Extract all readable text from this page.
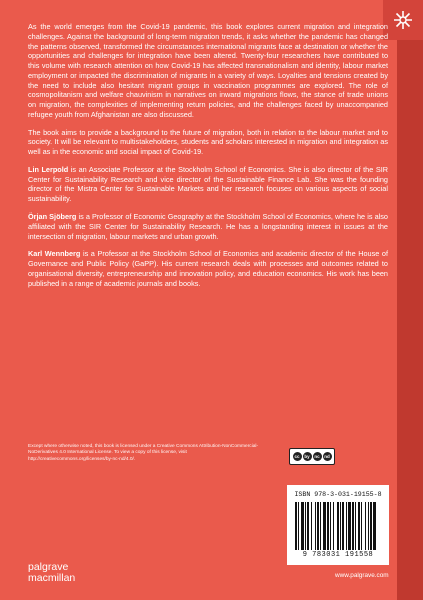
As the world emerges from the Covid-19 pandemic, this book explores current migration and integration challenges. Against the background of long-term migration trends, it asks whether the pandemic has changed the patterns observed, transformed the circumstances international migrants face at destination or whether the opportunities and challenges for integration have been altered. Twenty-four researchers have contributed to this volume with research attention on how Covid-19 has affected transnationalism and identity, labour market employment or impacted the discrimination of migrants in a variety of ways. Loyalties and tensions created by the need to include also hesitant migrant groups in vaccination programmes are explored. The role of cosmopolitanism and welfare chauvinism in narratives on inward migrations flows, the stance of trade unions on migration, the complexities of implementing return policies, and the challenges faced by unaccompanied refugee youth from Afghanistan are also discussed.

The book aims to provide a background to the future of migration, both in relation to the labour market and to society. It will be relevant to multistakeholders, students and scholars interested in migration and integration as well as in the economic and social impact of Covid-19.

Lin Lerpold is an Associate Professor at the Stockholm School of Economics. She is also director of the SIR Center for Sustainability Research and vice director of the Sustainable Finance Lab. She was the founding director of the Mistra Center for Sustainable Markets and her research focuses on various aspects of social sustainability.

Örjan Sjöberg is a Professor of Economic Geography at the Stockholm School of Economics, where he is also affiliated with the SIR Center for Sustainability Research. He has a longstanding interest in issues at the intersection of migration, labour markets and urban growth.

Karl Wennberg is a Professor at the Stockholm School of Economics and academic director of the House of Governance and Public Policy (GaPP). His current research deals with processes and outcomes related to organisational diversity, entrepreneurship and innovation policy, and education economics. His work has been published in a range of academic journals and books.

Except where otherwise noted, this book is licensed under a Creative Commons Attribution-NonCommercial-NoDerivatives 4.0 International License. To view a copy of this license, visit http://creativecommons.org/licenses/by-nc-nd/4.0/.
cc	by	nc	nd
ISBN 978-3-031-19155-8
9 783031 191558
palgrave
macmillan	www.palgrave.com
